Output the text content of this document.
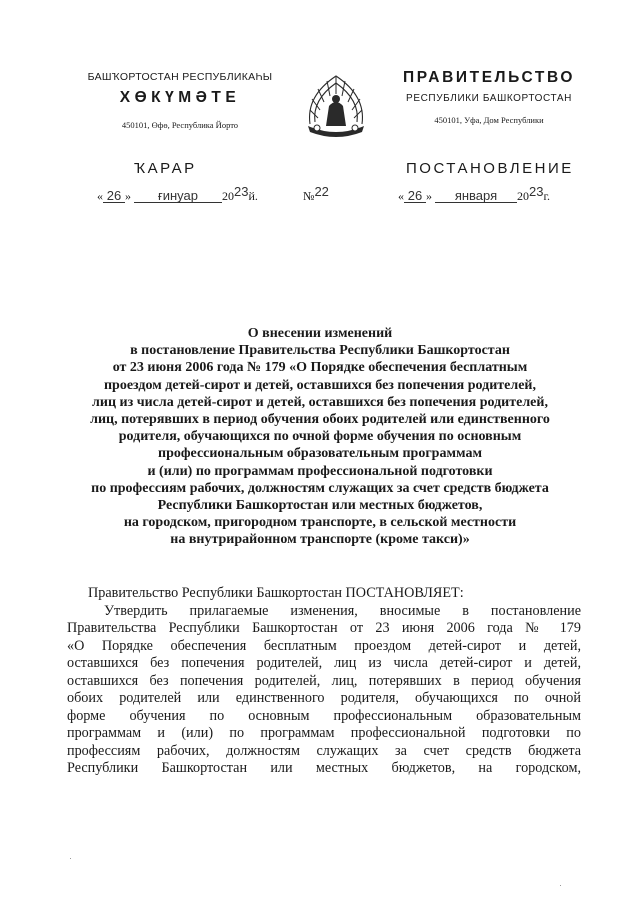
БАШҠОРТОСТАН РЕСПУБЛИКАҺЫ
ХӨКҮМӘТЕ
450101, Өфө, Республика Йорто
ПРАВИТЕЛЬСТВО
РЕСПУБЛИКИ БАШКОРТОСТАН
450101, Уфа, Дом Республики
ҠАРАР	ПОСТАНОВЛЕНИЕ
« 26 » ғинуар 2023й.	№22	« 26 » января 2023г.
О внесении изменений
в постановление Правительства Республики Башкортостан
от 23 июня 2006 года № 179 «О Порядке обеспечения бесплатным
проездом детей-сирот и детей, оставшихся без попечения родителей,
лиц из числа детей-сирот и детей, оставшихся без попечения родителей,
лиц, потерявших в период обучения обоих родителей или единственного
родителя, обучающихся по очной форме обучения по основным
профессиональным образовательным программам
и (или) по программам профессиональной подготовки
по профессиям рабочих, должностям служащих за счет средств бюджета
Республики Башкортостан или местных бюджетов,
на городском, пригородном транспорте, в сельской местности
на внутрирайонном транспорте (кроме такси)»
Правительство Республики Башкортостан ПОСТАНОВЛЯЕТ:
Утвердить прилагаемые изменения, вносимые в постановление
Правительства Республики Башкортостан от 23 июня 2006 года № 179
«О Порядке обеспечения бесплатным проездом детей-сирот и детей,
оставшихся без попечения родителей, лиц из числа детей-сирот и детей,
оставшихся без попечения родителей, лиц, потерявших в период обучения
обоих родителей или единственного родителя, обучающихся по очной
форме обучения по основным профессиональным образовательным
программам и (или) по программам профессиональной подготовки по
профессиям рабочих, должностям служащих за счет средств бюджета
Республики Башкортостан или местных бюджетов, на городском,
